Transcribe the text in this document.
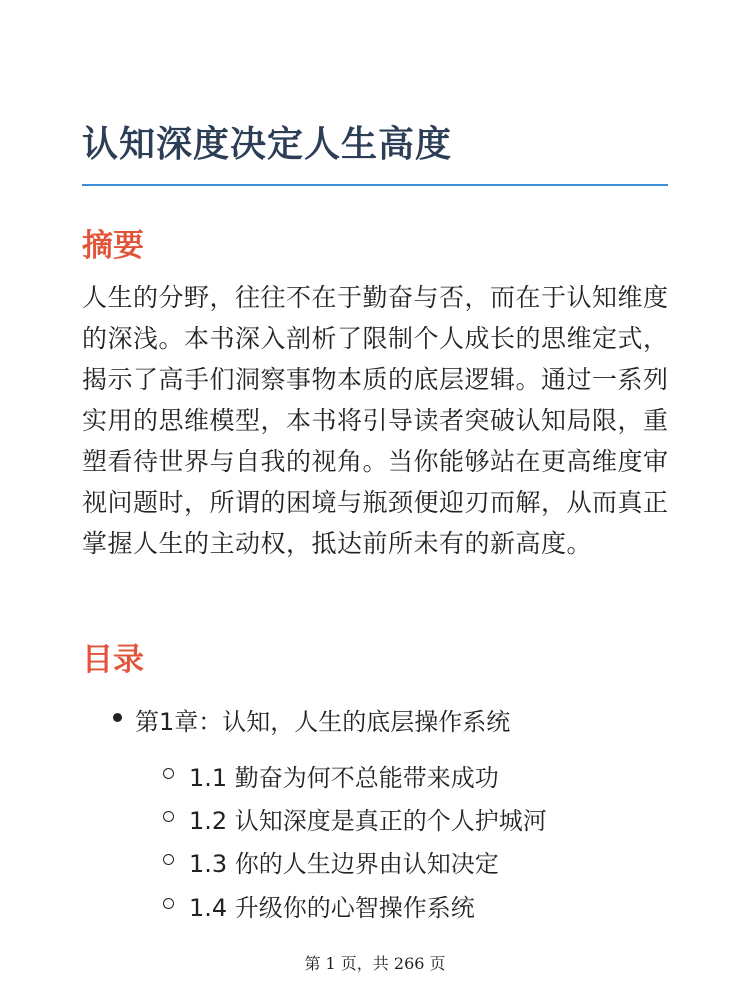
认知深度决定人生高度
摘要

人生的分野，往往不在于勤奋与否，而在于认知维度的深浅。本书深入剖析了限制个人成长的思维定式，揭示了高手们洞察事物本质的底层逻辑。通过一系列实用的思维模型，本书将引导读者突破认知局限，重塑看待世界与自我的视角。当你能够站在更高维度审视问题时，所谓的困境与瓶颈便迎刃而解，从而真正掌握人生的主动权，抵达前所未有的新高度。

目录
第1章：认知，人生的底层操作系统
1.1 勤奋为何不总能带来成功
1.2 认知深度是真正的个人护城河
1.3 你的人生边界由认知决定
1.4 升级你的心智操作系统
第 1 页，共 266 页
